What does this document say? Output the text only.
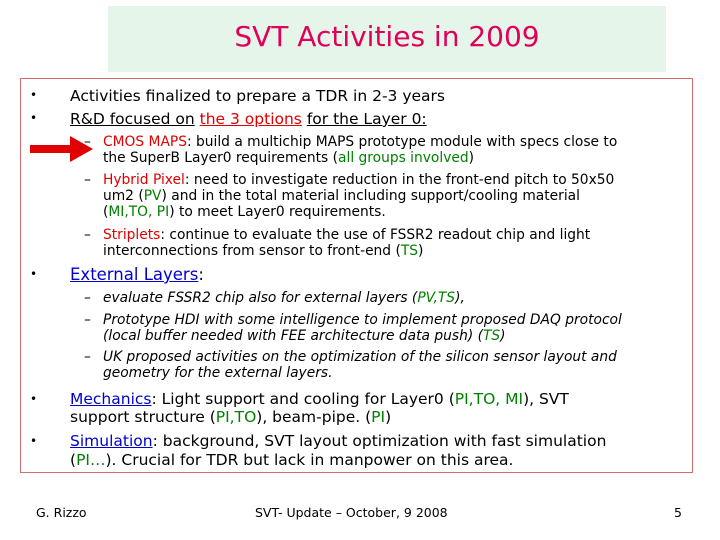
SVT Activities in 2009
• Activities finalized to prepare a TDR in 2-3 years
• R&D focused on the 3 options for the Layer 0:
– CMOS MAPS: build a multichip MAPS prototype module with specs close to
the SuperB Layer0 requirements (all groups involved)
– Hybrid Pixel: need to investigate reduction in the front-end pitch to 50x50
um2 (PV) and in the total material including support/cooling material
(MI,TO, PI) to meet Layer0 requirements.
– Striplets: continue to evaluate the use of FSSR2 readout chip and light
interconnections from sensor to front-end (TS)
• External Layers:
– evaluate FSSR2 chip also for external layers (PV,TS),
– Prototype HDI with some intelligence to implement proposed DAQ protocol
(local buffer needed with FEE architecture data push) (TS)
– UK proposed activities on the optimization of the silicon sensor layout and
geometry for the external layers.
• Mechanics: Light support and cooling for Layer0 (PI,TO, MI), SVT
support structure (PI,TO), beam-pipe. (PI)
• Simulation: background, SVT layout optimization with fast simulation
(PI…). Crucial for TDR but lack in manpower on this area.
G. Rizzo	SVT- Update – October, 9 2008	5
